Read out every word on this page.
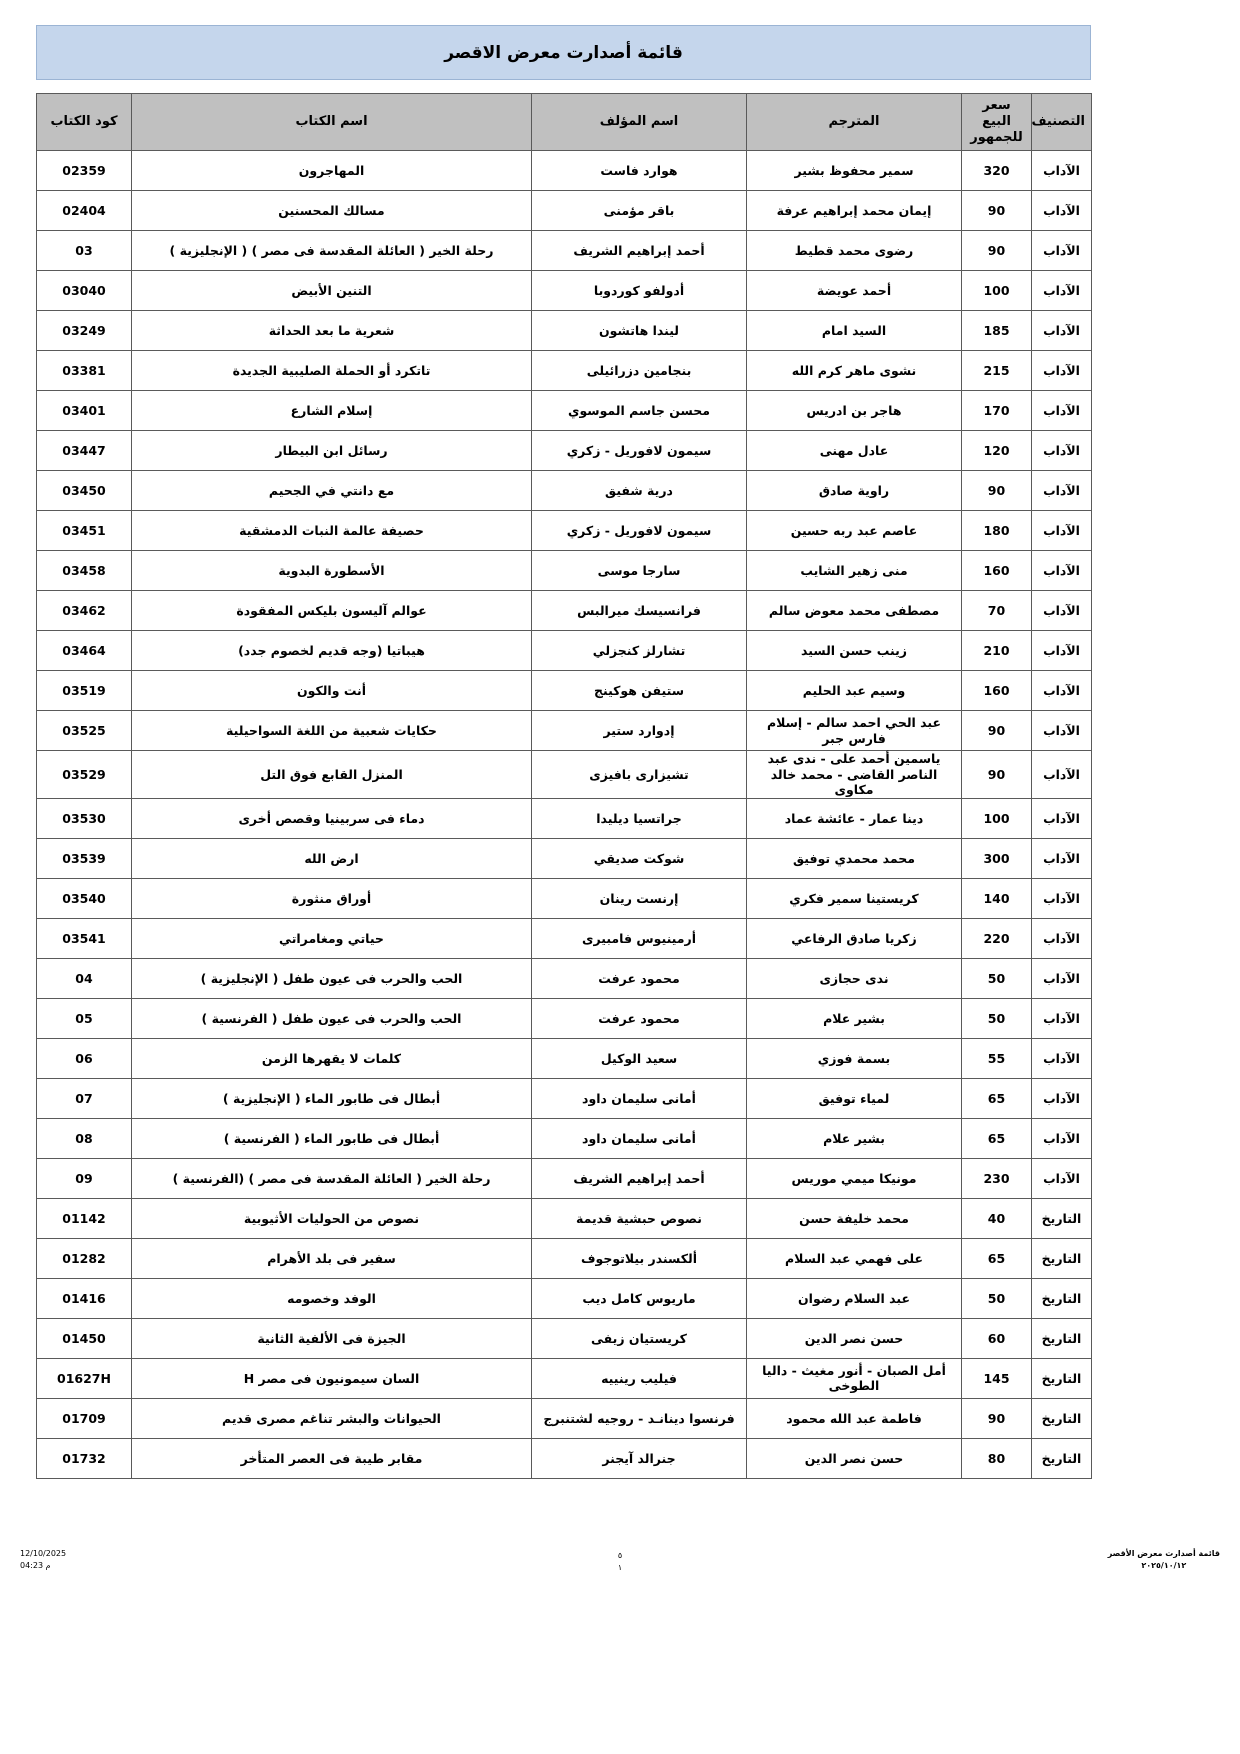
قائمة أصدارت معرض الاقصر
التصنيف	سعر البيع للجمهور	المترجم	اسم المؤلف	اسم الكتاب	كود الكتاب
الآداب	320	سمير محفوظ بشير	هوارد فاست	المهاجرون	02359
الآداب	90	إيمان محمد إبراهيم عرفة	باقر مؤمنى	مسالك المحسنين	02404
الآداب	90	رضوى محمد قطيط	أحمد إبراهيم الشريف	رحلة الخير ( العائلة المقدسة فى مصر ) ( الإنجليزية )	03
الآداب	100	أحمد عويضة	أدولفو كوردوبا	التنين الأبيض	03040
الآداب	185	السيد امام	ليندا هاتشون	شعرية ما بعد الحداثة	03249
الآداب	215	نشوى ماهر كرم الله	بنجامين دزرائيلى	تاتكرد أو الحملة الصليبية الجديدة	03381
الآداب	170	هاجر بن ادريس	محسن جاسم الموسوي	إسلام الشارع	03401
الآداب	120	عادل مهنى	سيمون لافوريل - زكري	رسائل ابن البيطار	03447
الآداب	90	راوية صادق	درية شفيق	مع دانتي في الجحيم	03450
الآداب	180	عاصم عبد ربه حسين	سيمون لافوريل - زكري	حصيفة عالمة النبات الدمشقية	03451
الآداب	160	منى زهير الشايب	سارجا موسى	الأسطورة البدوية	03458
الآداب	70	مصطفى محمد معوض سالم	فرانسيسك ميرالبس	عوالم آليسون بليكس المفقودة	03462
الآداب	210	زينب حسن السيد	تشارلز كنجزلي	هيباتيا (وجه قديم لخصوم جدد)	03464
الآداب	160	وسيم عبد الحليم	ستيفن هوكينج	أنت والكون	03519
الآداب	90	عبد الحي احمد سالم - إسلام فارس جبر	إدوارد ستير	حكايات شعبية من اللغة السواحيلية	03525
الآداب	90	ياسمين أحمد على - ندى عبد الناصر القاضى - محمد خالد مكاوى	تشيزارى بافيزى	المنزل القابع فوق التل	03529
الآداب	100	دينا عمار - عائشة عماد	جراتسيا ديليدا	دماء فى سربينيا وقصص أخرى	03530
الآداب	300	محمد محمدي توفيق	شوكت صديقي	ارض الله	03539
الآداب	140	كريستينا سمير فكري	إرنست رينان	أوراق منثورة	03540
الآداب	220	زكريا صادق الرفاعي	أرمينيوس فامبيرى	حياتي ومغامراتي	03541
الآداب	50	ندى حجازى	محمود عرفت	الحب والحرب فى عيون طفل ( الإنجليزية )	04
الآداب	50	بشير علام	محمود عرفت	الحب والحرب فى عيون طفل ( الفرنسية )	05
الآداب	55	بسمة فوزي	سعيد الوكيل	كلمات لا يقهرها الزمن	06
الآداب	65	لمياء توفيق	أمانى سليمان داود	أبطال فى طابور الماء ( الإنجليزية )	07
الآداب	65	بشير علام	أمانى سليمان داود	أبطال فى طابور الماء ( الفرنسية )	08
الآداب	230	مونيكا ميمي موريس	أحمد إبراهيم الشريف	رحلة الخير ( العائلة المقدسة فى مصر ) (الفرنسية )	09
التاريخ	40	محمد خليفة حسن	نصوص حبشية قديمة	نصوص من الحوليات الأثيوبية	01142
التاريخ	65	على فهمي عبد السلام	ألكسندر بيلاتوجوف	سفير فى بلد الأهرام	01282
التاريخ	50	عبد السلام رضوان	ماريوس كامل ديب	الوفد وخصومه	01416
التاريخ	60	حسن نصر الدين	كريستيان زيفى	الجيزة فى الألفية الثانية	01450
التاريخ	145	أمل الصبان - أنور مغيث - داليا الطوخى	فيليب رينييه	السان سيمونيون فى مصر H	01627H
التاريخ	90	فاطمة عبد الله محمود	فرنسوا دينانـد - روجيه لشتنبرج	الحيوانات والبشر تناغم مصرى قديم	01709
التاريخ	80	حسن نصر الدين	جنرالد آيجنر	مقابر طيبة فى العصر المتأخر	01732
قائمة أصدارت معرض الأقصر
٢٠٢٥/١٠/١٢
٥
١
12/10/2025
04:23 م
